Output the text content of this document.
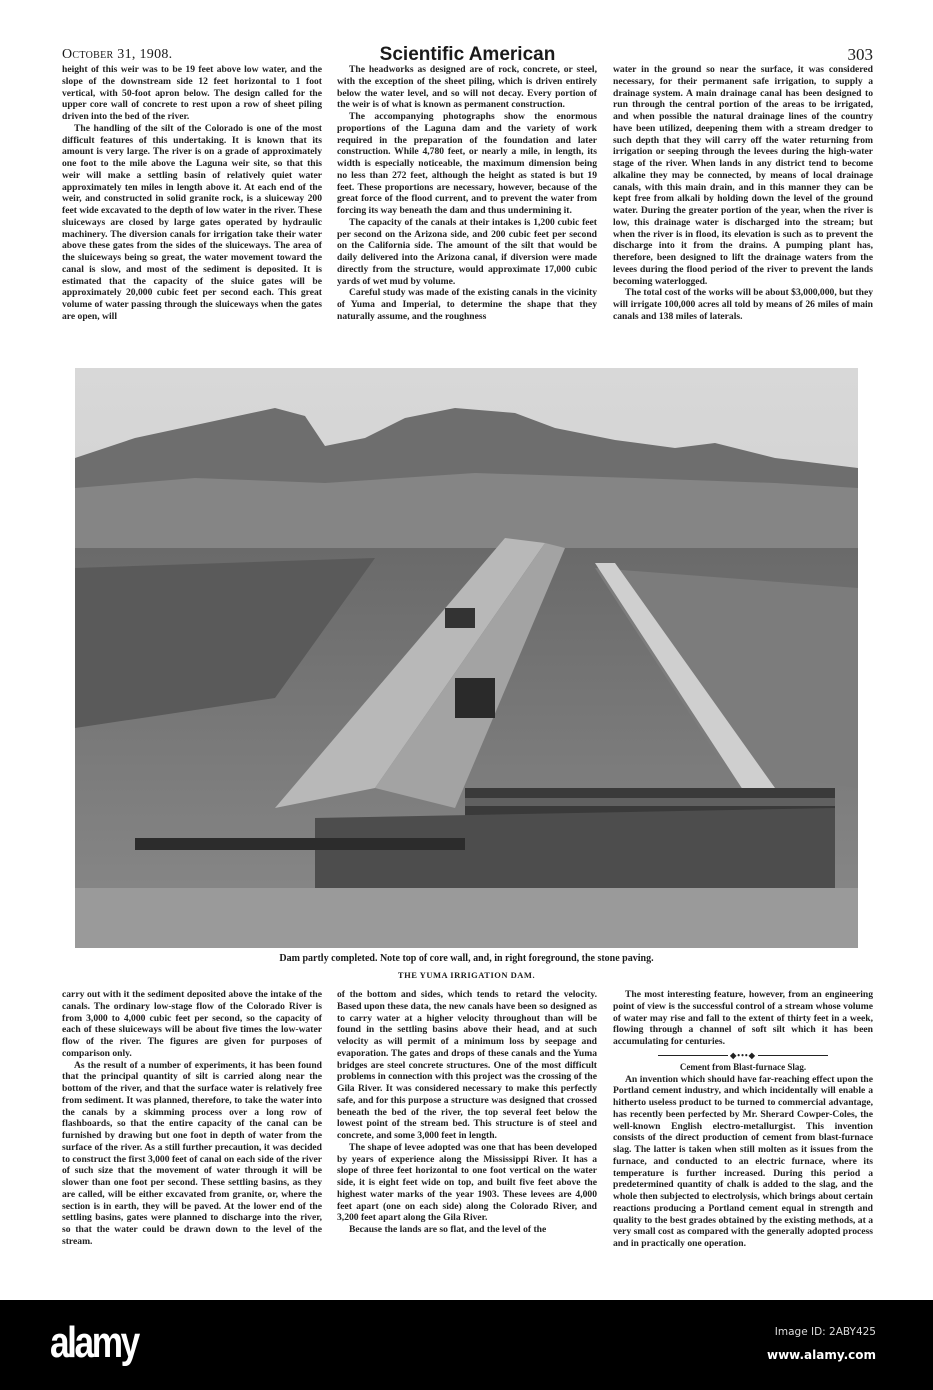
October 31, 1908.	Scientific American	303

height of this weir was to be 19 feet above low water, and the slope of the downstream side 12 feet horizontal to 1 foot vertical, with 50-foot apron below. The design called for the upper core wall of concrete to rest upon a row of sheet piling driven into the bed of the river.

The handling of the silt of the Colorado is one of the most difficult features of this undertaking. It is known that its amount is very large. The river is on a grade of approximately one foot to the mile above the Laguna weir site, so that this weir will make a settling basin of relatively quiet water approximately ten miles in length above it. At each end of the weir, and constructed in solid granite rock, is a sluiceway 200 feet wide excavated to the depth of low water in the river. These sluiceways are closed by large gates operated by hydraulic machinery. The diversion canals for irrigation take their water above these gates from the sides of the sluiceways. The area of the sluiceways being so great, the water movement toward the canal is slow, and most of the sediment is deposited. It is estimated that the capacity of the sluice gates will be approximately 20,000 cubic feet per second each. This great volume of water passing through the sluiceways when the gates are open, will

The headworks as designed are of rock, concrete, or steel, with the exception of the sheet piling, which is driven entirely below the water level, and so will not decay. Every portion of the weir is of what is known as permanent construction.

The accompanying photographs show the enormous proportions of the Laguna dam and the variety of work required in the preparation of the foundation and later construction. While 4,780 feet, or nearly a mile, in length, its width is especially noticeable, the maximum dimension being no less than 272 feet, although the height as stated is but 19 feet. These proportions are necessary, however, because of the great force of the flood current, and to prevent the water from forcing its way beneath the dam and thus undermining it.

The capacity of the canals at their intakes is 1,200 cubic feet per second on the Arizona side, and 200 cubic feet per second on the California side. The amount of the silt that would be daily delivered into the Arizona canal, if diversion were made directly from the structure, would approximate 17,000 cubic yards of wet mud by volume.

Careful study was made of the existing canals in the vicinity of Yuma and Imperial, to determine the shape that they naturally assume, and the roughness

water in the ground so near the surface, it was considered necessary, for their permanent safe irrigation, to supply a drainage system. A main drainage canal has been designed to run through the central portion of the areas to be irrigated, and when possible the natural drainage lines of the country have been utilized, deepening them with a stream dredger to such depth that they will carry off the water returning from irrigation or seeping through the levees during the high-water stage of the river. When lands in any district tend to become alkaline they may be connected, by means of local drainage canals, with this main drain, and in this manner they can be kept free from alkali by holding down the level of the ground water. During the greater portion of the year, when the river is low, this drainage water is discharged into the stream; but when the river is in flood, its elevation is such as to prevent the discharge into it from the drains. A pumping plant has, therefore, been designed to lift the drainage waters from the levees during the flood period of the river to prevent the lands becoming waterlogged.

The total cost of the works will be about $3,000,000, but they will irrigate 100,000 acres all told by means of 26 miles of main canals and 138 miles of laterals.

Dam partly completed. Note top of core wall, and, in right foreground, the stone paving.
THE YUMA IRRIGATION DAM.

carry out with it the sediment deposited above the intake of the canals. The ordinary low-stage flow of the Colorado River is from 3,000 to 4,000 cubic feet per second, so the capacity of each of these sluiceways will be about five times the low-water flow of the river. The figures are given for purposes of comparison only.

As the result of a number of experiments, it has been found that the principal quantity of silt is carried along near the bottom of the river, and that the surface water is relatively free from sediment. It was planned, therefore, to take the water into the canals by a skimming process over a long row of flashboards, so that the entire capacity of the canal can be furnished by drawing but one foot in depth of water from the surface of the river. As a still further precaution, it was decided to construct the first 3,000 feet of canal on each side of the river of such size that the movement of water through it will be slower than one foot per second. These settling basins, as they are called, will be either excavated from granite, or, where the section is in earth, they will be paved. At the lower end of the settling basins, gates were planned to discharge into the river, so that the water could be drawn down to the level of the stream.

of the bottom and sides, which tends to retard the velocity. Based upon these data, the new canals have been so designed as to carry water at a higher velocity throughout than will be found in the settling basins above their head, and at such velocity as will permit of a minimum loss by seepage and evaporation. The gates and drops of these canals and the Yuma bridges are steel concrete structures. One of the most difficult problems in connection with this project was the crossing of the Gila River. It was considered necessary to make this perfectly safe, and for this purpose a structure was designed that crossed beneath the bed of the river, the top several feet below the lowest point of the stream bed. This structure is of steel and concrete, and some 3,000 feet in length.

The shape of levee adopted was one that has been developed by years of experience along the Mississippi River. It has a slope of three feet horizontal to one foot vertical on the water side, it is eight feet wide on top, and built five feet above the highest water marks of the year 1903. These levees are 4,000 feet apart (one on each side) along the Colorado River, and 3,200 feet apart along the Gila River.

Because the lands are so flat, and the level of the

The most interesting feature, however, from an engineering point of view is the successful control of a stream whose volume of water may rise and fall to the extent of thirty feet in a week, flowing through a channel of soft silt which it has been accumulating for centuries.

◆•••◆

Cement from Blast-furnace Slag.

An invention which should have far-reaching effect upon the Portland cement industry, and which incidentally will enable a hitherto useless product to be turned to commercial advantage, has recently been perfected by Mr. Sherard Cowper-Coles, the well-known English electro-metallurgist. This invention consists of the direct production of cement from blast-furnace slag. The latter is taken when still molten as it issues from the furnace, and conducted to an electric furnace, where its temperature is further increased. During this period a predetermined quantity of chalk is added to the slag, and the whole then subjected to electrolysis, which brings about certain reactions producing a Portland cement equal in strength and quality to the best grades obtained by the existing methods, at a very small cost as compared with the generally adopted process and in practically one operation.

alamy	Image ID: 2ABY425
www.alamy.com
